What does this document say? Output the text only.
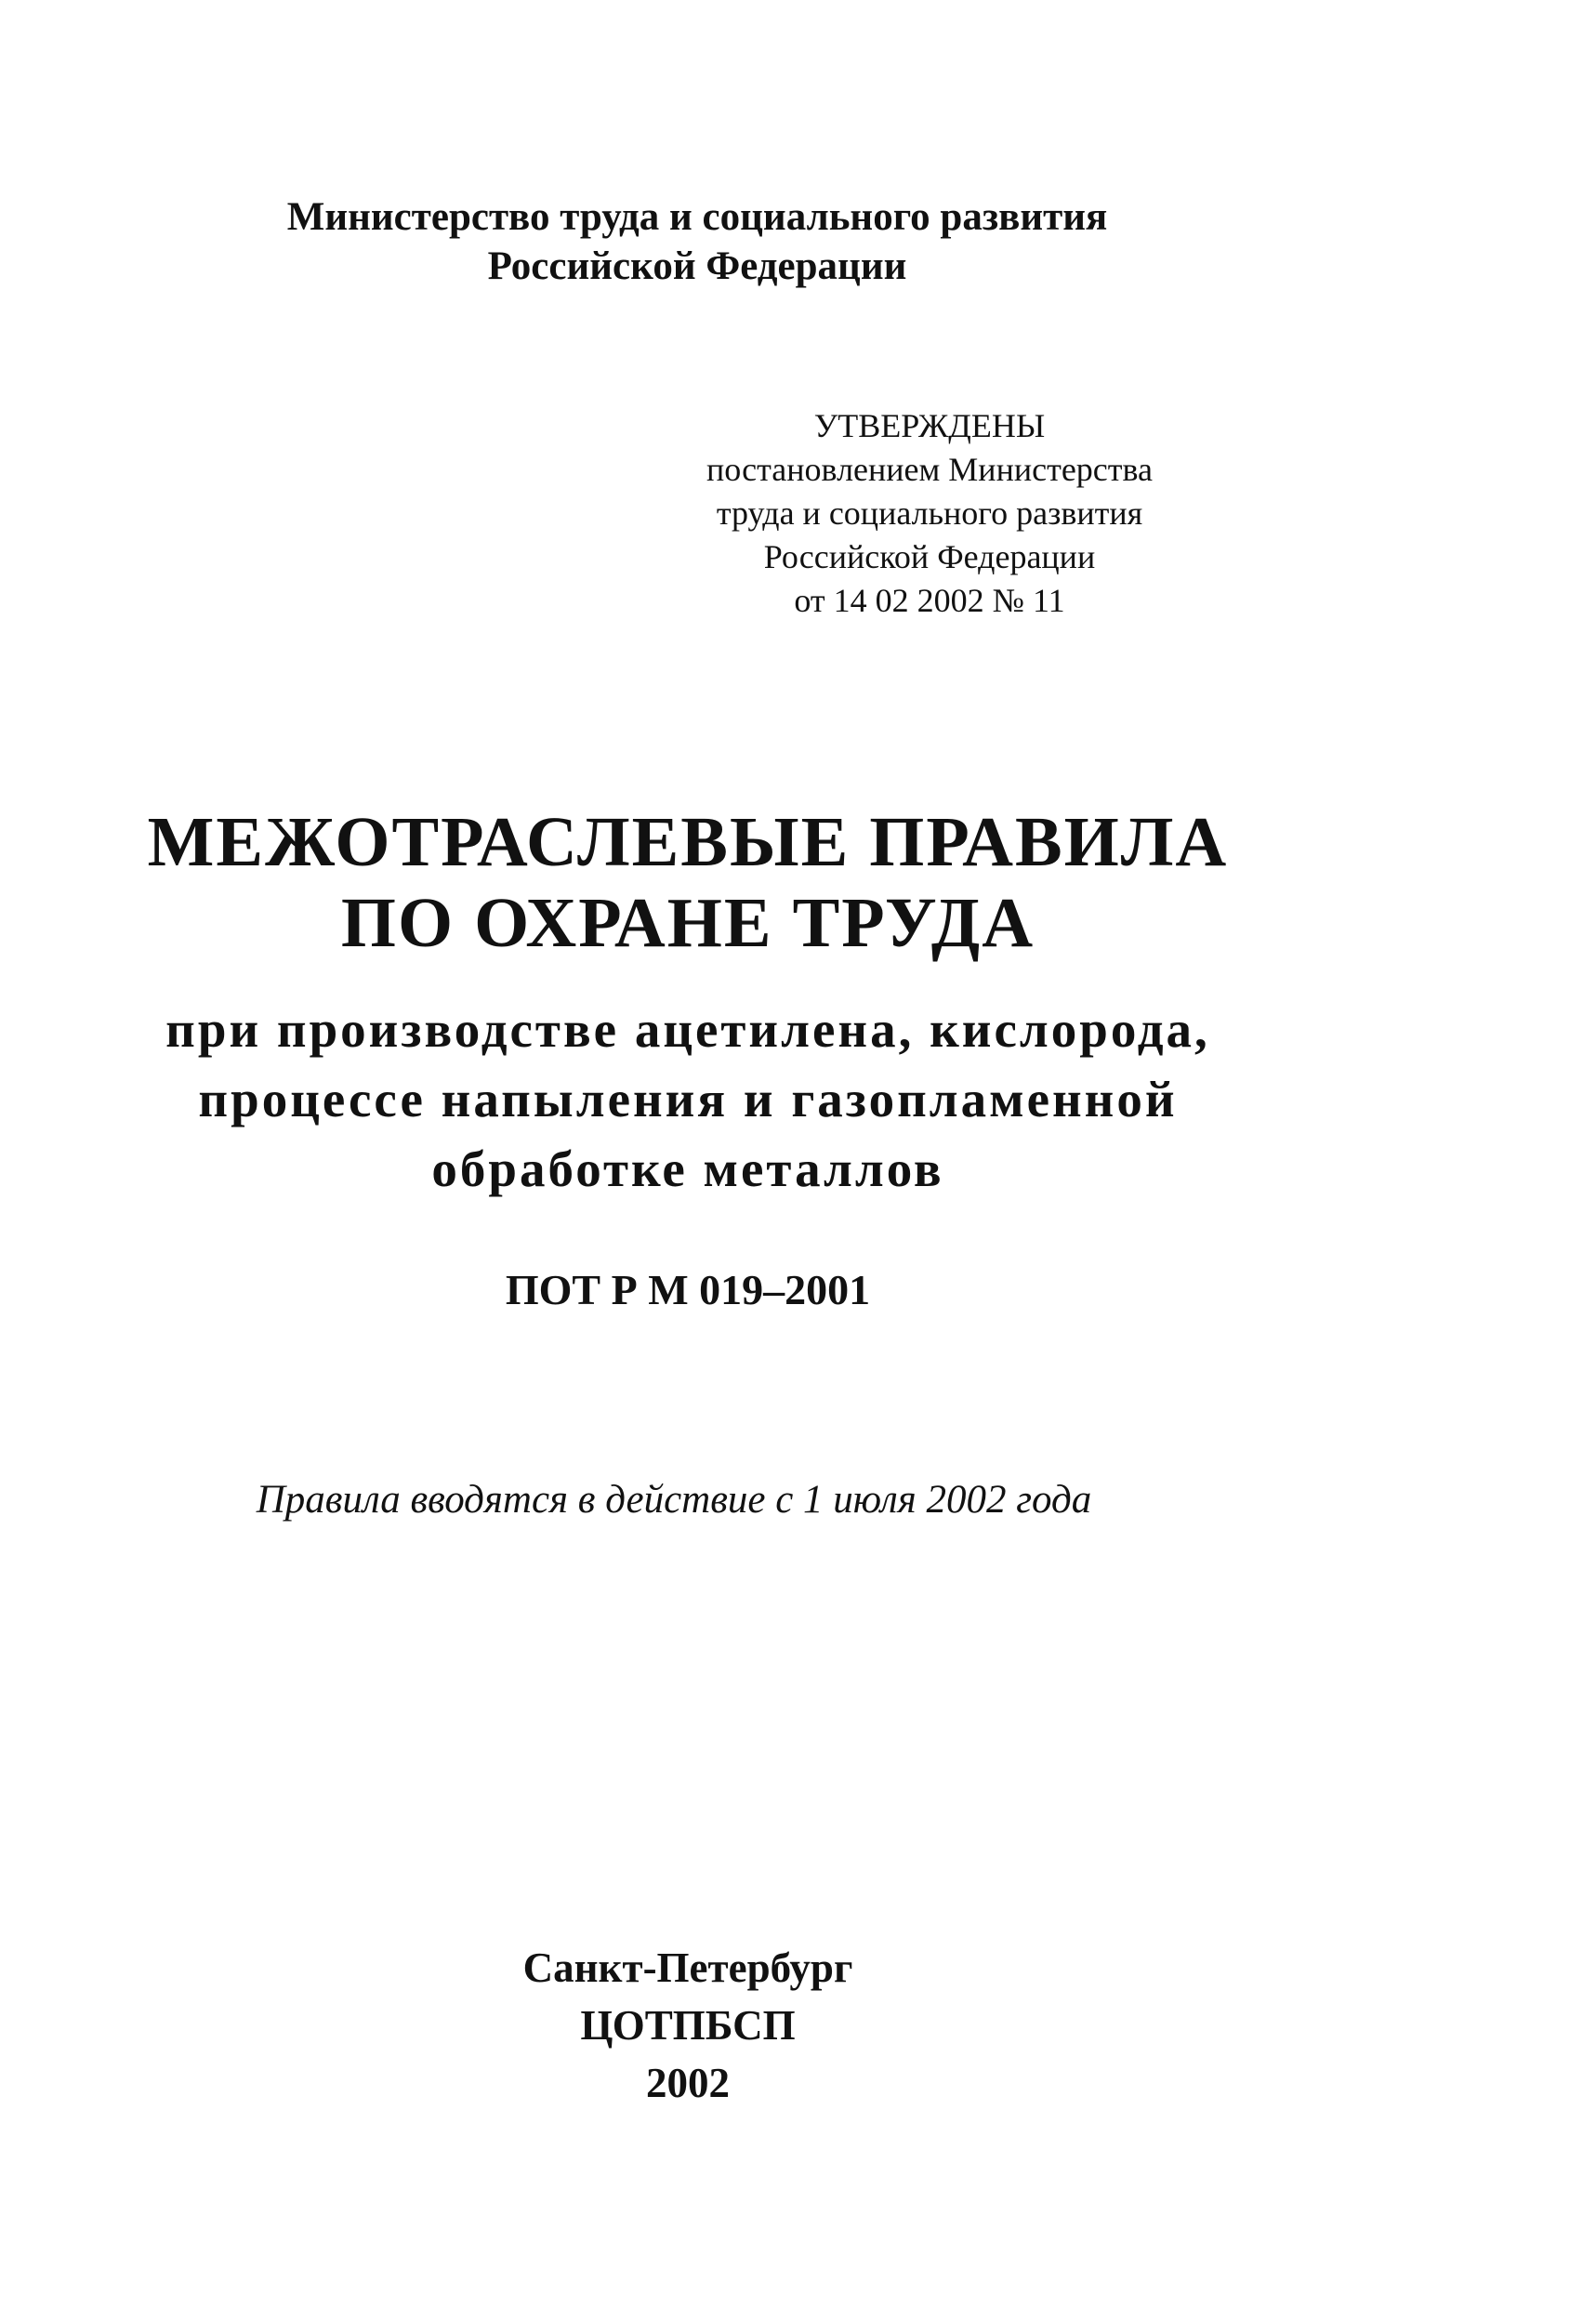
Министерство труда и социального развития
Российской Федерации
УТВЕРЖДЕНЫ
постановлением Министерства
труда и социального развития
Российской Федерации
от 14 02 2002 № 11
МЕЖОТРАСЛЕВЫЕ ПРАВИЛА
ПО ОХРАНЕ ТРУДА
при производстве ацетилена, кислорода,
процессе напыления и газопламенной
обработке металлов
ПОТ Р М 019–2001
Правила вводятся в действие с 1 июля 2002 года
Санкт-Петербург
ЦОТПБСП
2002
